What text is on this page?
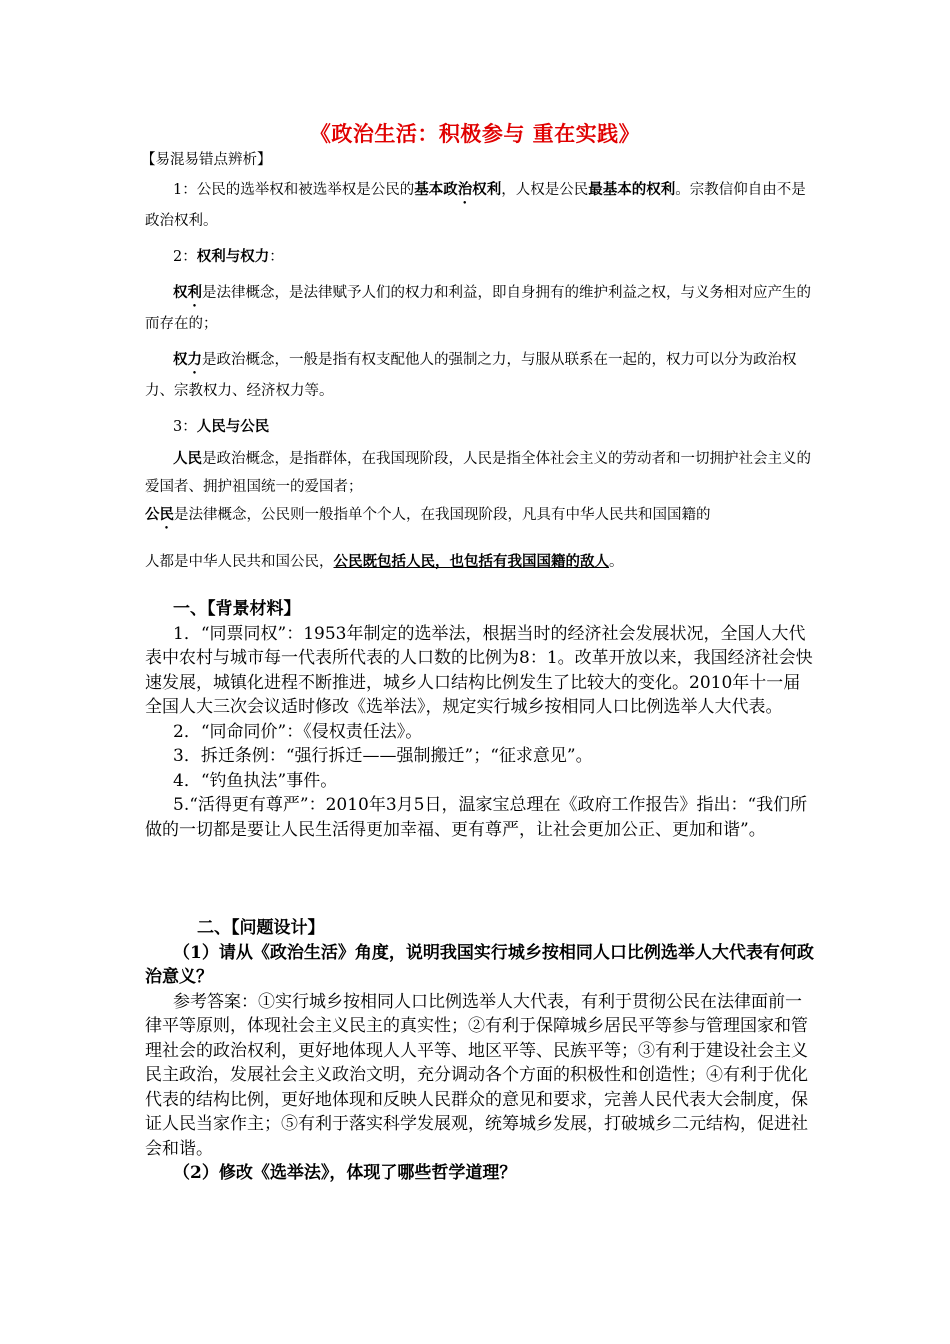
《政治生活：积极参与 重在实践》

【易混易错点辨析】

1：公民的选举权和被选举权是公民的基本政治权利，人权是公民最基本的权利。宗教信仰自由不是政治权利。

2：权利与权力：

权利是法律概念，是法律赋予人们的权力和利益，即自身拥有的维护利益之权，与义务相对应产生的而存在的；

权力是政治概念，一般是指有权支配他人的强制之力，与服从联系在一起的，权力可以分为政治权力、宗教权力、经济权力等。

3：人民与公民

人民是政治概念，是指群体，在我国现阶段，人民是指全体社会主义的劳动者和一切拥护社会主义的爱国者、拥护祖国统一的爱国者；

公民是法律概念，公民则一般指单个个人，在我国现阶段，凡具有中华人民共和国国籍的

人都是中华人民共和国公民，公民既包括人民，也包括有我国国籍的敌人。

一、【背景材料】

1．“同票同权”：1953年制定的选举法，根据当时的经济社会发展状况，全国人大代表中农村与城市每一代表所代表的人口数的比例为8：1。改革开放以来，我国经济社会快速发展，城镇化进程不断推进，城乡人口结构比例发生了比较大的变化。2010年十一届全国人大三次会议适时修改《选举法》，规定实行城乡按相同人口比例选举人大代表。

2．“同命同价”：《侵权责任法》。

3．拆迁条例：“强行拆迁——强制搬迁”；“征求意见”。

4．“钓鱼执法”事件。

5.“活得更有尊严”：2010年3月5日，温家宝总理在《政府工作报告》指出：“我们所做的一切都是要让人民生活得更加幸福、更有尊严，让社会更加公正、更加和谐”。

二、【问题设计】

（1）请从《政治生活》角度，说明我国实行城乡按相同人口比例选举人大代表有何政治意义？

参考答案：①实行城乡按相同人口比例选举人大代表，有利于贯彻公民在法律面前一律平等原则，体现社会主义民主的真实性；②有利于保障城乡居民平等参与管理国家和管理社会的政治权利，更好地体现人人平等、地区平等、民族平等；③有利于建设社会主义民主政治，发展社会主义政治文明，充分调动各个方面的积极性和创造性；④有利于优化代表的结构比例，更好地体现和反映人民群众的意见和要求，完善人民代表大会制度，保证人民当家作主；⑤有利于落实科学发展观，统筹城乡发展，打破城乡二元结构，促进社会和谐。

（2）修改《选举法》，体现了哪些哲学道理？
